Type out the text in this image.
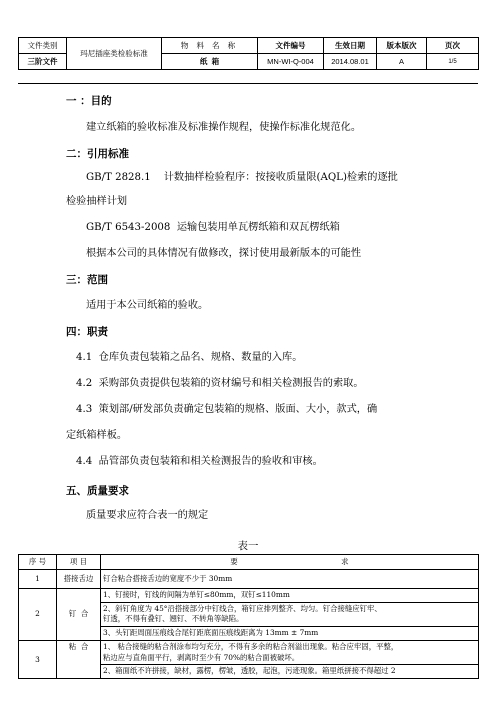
文件类别	玛尼插座类检验标准	物 料 名 称	文件编号	生效日期	版本版次	页次
三阶文件		纸  箱	MN-WI-Q-004	2014.08.01	A	1/5
一 ：目的
建立纸箱的验收标准及标准操作规程，使操作标准化规范化。
二：引用标准
GB/T 2828.1    计数抽样检验程序：按接收质量限(AQL)检索的逐批
检验抽样计划
GB/T 6543-2008  运输包装用单瓦楞纸箱和双瓦楞纸箱
根据本公司的具体情况有做修改，探讨使用最新版本的可能性
三：范围
适用于本公司纸箱的验收。
四：职责
4.1  仓库负责包装箱之品名、规格、数量的入库。
4.2  采购部负责提供包装箱的资材编号和相关检测报告的索取。
4.3  策划部/研发部负责确定包装箱的规格、版面、大小，款式，确
定纸箱样板。
4.4  品管部负责包装箱和相关检测报告的验收和审核。
五、质量要求
质量要求应符合表一的规定
表一
序 号	项 目	要                                            求
1	搭接舌边	钉合粘合搭接舌边的宽度不少于 30mm
2	钉  合	1、钉接时，钉线的间隔为单钉≤80mm，双钉≤110mm
		2、斜钉角度为 45°沿搭接部分中钉线合，箱钉应排列整齐、均匀。钉合接缝应钉牢、
钉透，不得有叠钉、翘钉、不转角等缺陷。
		3、头钉距周面压痕线合尾钉距底面压痕线距离为 13mm ± 7mm
3	粘  合	1、 粘合接缝的粘合剂涂布均匀充分，不得有多余的粘合剂溢出现象。粘合应牢固，平整，
粘边应与直角面平行，剥离时至少有 70%的粘合面被破坏。
		2、箱面纸不许拼接，缺材，露楞，楞皱，透胶，起泡，污迹现象。箱里纸拼接不得超过 2
